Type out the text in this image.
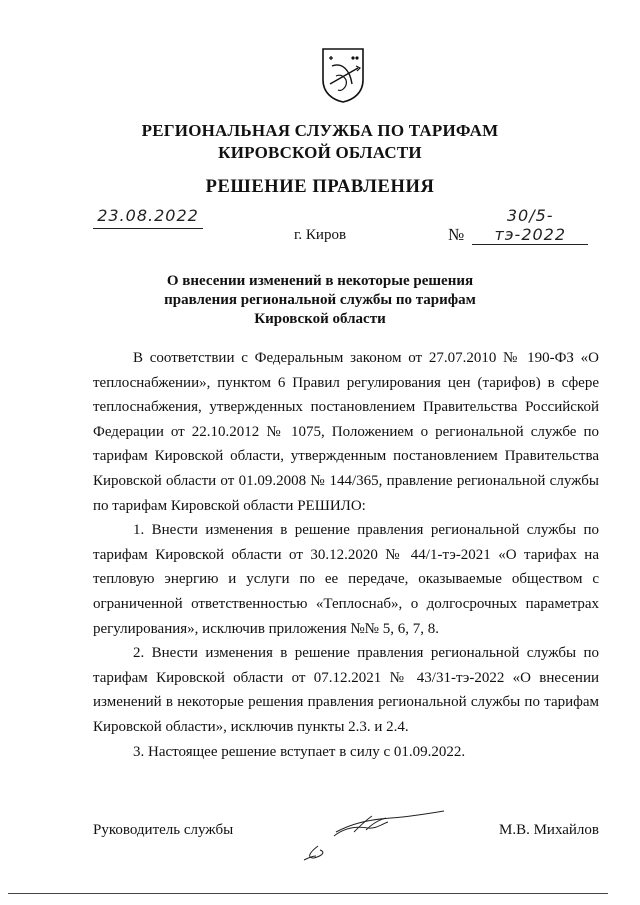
РЕГИОНАЛЬНАЯ СЛУЖБА ПО ТАРИФАМ
КИРОВСКОЙ ОБЛАСТИ
РЕШЕНИЕ ПРАВЛЕНИЯ
23.08.2022
№ 30/5-тэ-2022
г. Киров
О внесении изменений в некоторые решения
правления региональной службы по тарифам
Кировской области

В соответствии с Федеральным законом от 27.07.2010 № 190-ФЗ «О теплоснабжении», пунктом 6 Правил регулирования цен (тарифов) в сфере теплоснабжения, утвержденных постановлением Правительства Российской Федерации от 22.10.2012 № 1075, Положением о региональной службе по тарифам Кировской области, утвержденным постановлением Правительства Кировской области от 01.09.2008 № 144/365, правление региональной службы по тарифам Кировской области РЕШИЛО:

1. Внести изменения в решение правления региональной службы по тарифам Кировской области от 30.12.2020 № 44/1-тэ-2021 «О тарифах на тепловую энергию и услуги по ее передаче, оказываемые обществом с ограниченной ответственностью «Теплоснаб», о долгосрочных параметрах регулирования», исключив приложения №№ 5, 6, 7, 8.

2. Внести изменения в решение правления региональной службы по тарифам Кировской области от 07.12.2021 № 43/31-тэ-2022 «О внесении изменений в некоторые решения правления региональной службы по тарифам Кировской области», исключив пункты 2.3. и 2.4.

3. Настоящее решение вступает в силу с 01.09.2022.

Руководитель службы	М.В. Михайлов
